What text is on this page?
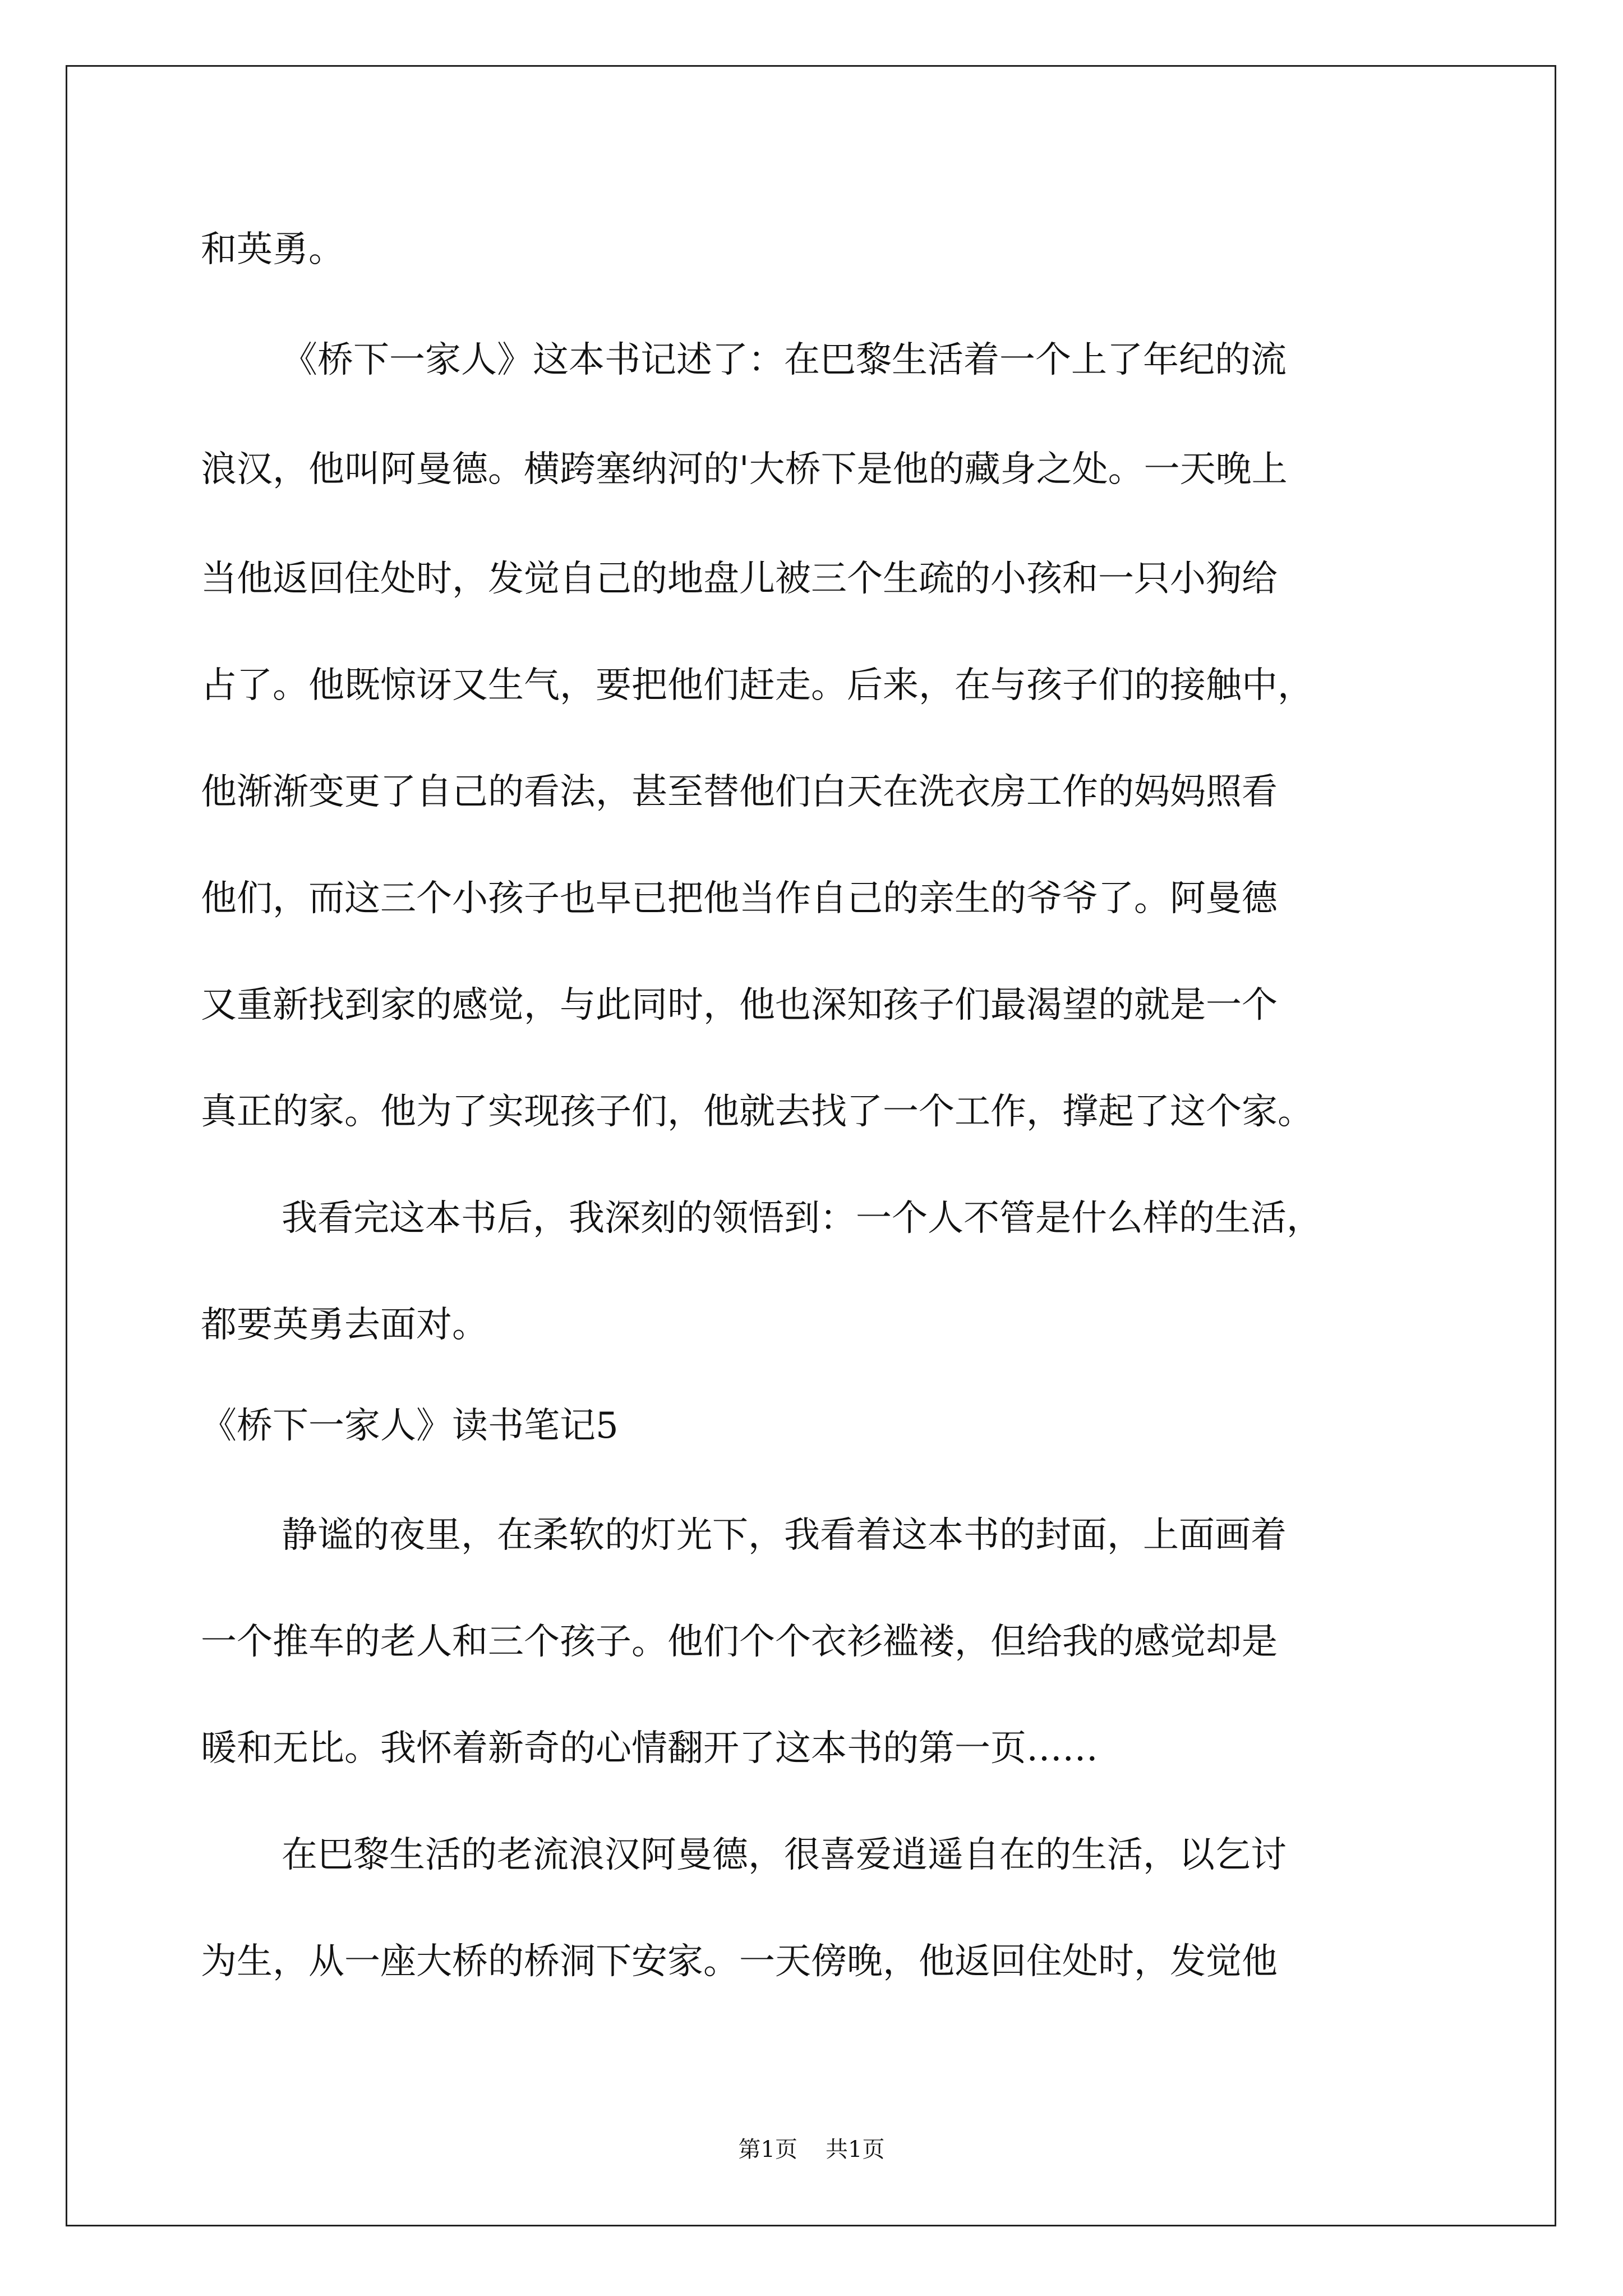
和英勇。
《桥下一家人》这本书记述了：在巴黎生活着一个上了年纪的流
浪汉，他叫阿曼德。横跨塞纳河的'大桥下是他的藏身之处。一天晚上
当他返回住处时，发觉自己的地盘儿被三个生疏的小孩和一只小狗给
占了。他既惊讶又生气，要把他们赶走。后来，在与孩子们的接触中，
他渐渐变更了自己的看法，甚至替他们白天在洗衣房工作的妈妈照看
他们，而这三个小孩子也早已把他当作自己的亲生的爷爷了。阿曼德
又重新找到家的感觉，与此同时，他也深知孩子们最渴望的就是一个
真正的家。他为了实现孩子们，他就去找了一个工作，撑起了这个家。
我看完这本书后，我深刻的领悟到：一个人不管是什么样的生活，
都要英勇去面对。
《桥下一家人》读书笔记5
静谧的夜里，在柔软的灯光下，我看着这本书的封面，上面画着
一个推车的老人和三个孩子。他们个个衣衫褴褛，但给我的感觉却是
暖和无比。我怀着新奇的心情翻开了这本书的第一页……
在巴黎生活的老流浪汉阿曼德，很喜爱逍遥自在的生活，以乞讨
为生，从一座大桥的桥洞下安家。一天傍晚，他返回住处时，发觉他
第1页 共1页
